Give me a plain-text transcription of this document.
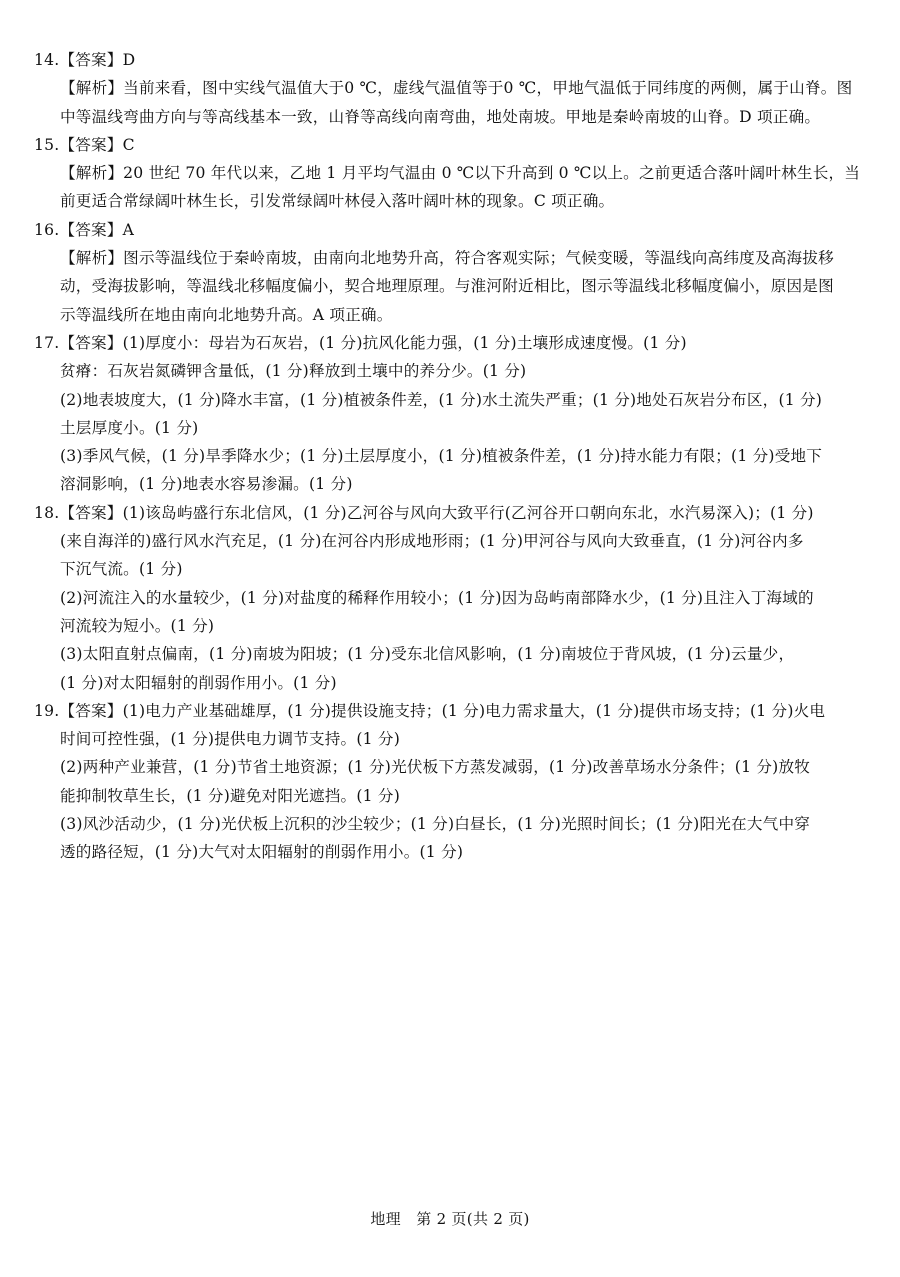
14.【答案】D
【解析】当前来看，图中实线气温值大于0 ℃，虚线气温值等于0 ℃，甲地气温低于同纬度的两侧，属于山脊。图
中等温线弯曲方向与等高线基本一致，山脊等高线向南弯曲，地处南坡。甲地是秦岭南坡的山脊。D 项正确。
15.【答案】C
【解析】20 世纪 70 年代以来，乙地 1 月平均气温由 0 ℃以下升高到 0 ℃以上。之前更适合落叶阔叶林生长，当
前更适合常绿阔叶林生长，引发常绿阔叶林侵入落叶阔叶林的现象。C 项正确。
16.【答案】A
【解析】图示等温线位于秦岭南坡，由南向北地势升高，符合客观实际；气候变暖，等温线向高纬度及高海拔移
动，受海拔影响，等温线北移幅度偏小，契合地理原理。与淮河附近相比，图示等温线北移幅度偏小，原因是图
示等温线所在地由南向北地势升高。A 项正确。
17.【答案】(1)厚度小：母岩为石灰岩，(1 分)抗风化能力强，(1 分)土壤形成速度慢。(1 分)
贫瘠：石灰岩氮磷钾含量低，(1 分)释放到土壤中的养分少。(1 分)
(2)地表坡度大，(1 分)降水丰富，(1 分)植被条件差，(1 分)水土流失严重；(1 分)地处石灰岩分布区，(1 分)
土层厚度小。(1 分)
(3)季风气候，(1 分)旱季降水少；(1 分)土层厚度小，(1 分)植被条件差，(1 分)持水能力有限；(1 分)受地下
溶洞影响，(1 分)地表水容易渗漏。(1 分)
18.【答案】(1)该岛屿盛行东北信风，(1 分)乙河谷与风向大致平行(乙河谷开口朝向东北，水汽易深入)；(1 分)
(来自海洋的)盛行风水汽充足，(1 分)在河谷内形成地形雨；(1 分)甲河谷与风向大致垂直，(1 分)河谷内多
下沉气流。(1 分)
(2)河流注入的水量较少，(1 分)对盐度的稀释作用较小；(1 分)因为岛屿南部降水少，(1 分)且注入丁海域的
河流较为短小。(1 分)
(3)太阳直射点偏南，(1 分)南坡为阳坡；(1 分)受东北信风影响，(1 分)南坡位于背风坡，(1 分)云量少，
(1 分)对太阳辐射的削弱作用小。(1 分)
19.【答案】(1)电力产业基础雄厚，(1 分)提供设施支持；(1 分)电力需求量大，(1 分)提供市场支持；(1 分)火电
时间可控性强，(1 分)提供电力调节支持。(1 分)
(2)两种产业兼营，(1 分)节省土地资源；(1 分)光伏板下方蒸发减弱，(1 分)改善草场水分条件；(1 分)放牧
能抑制牧草生长，(1 分)避免对阳光遮挡。(1 分)
(3)风沙活动少，(1 分)光伏板上沉积的沙尘较少；(1 分)白昼长，(1 分)光照时间长；(1 分)阳光在大气中穿
透的路径短，(1 分)大气对太阳辐射的削弱作用小。(1 分)
地理　第 2 页(共 2 页)
